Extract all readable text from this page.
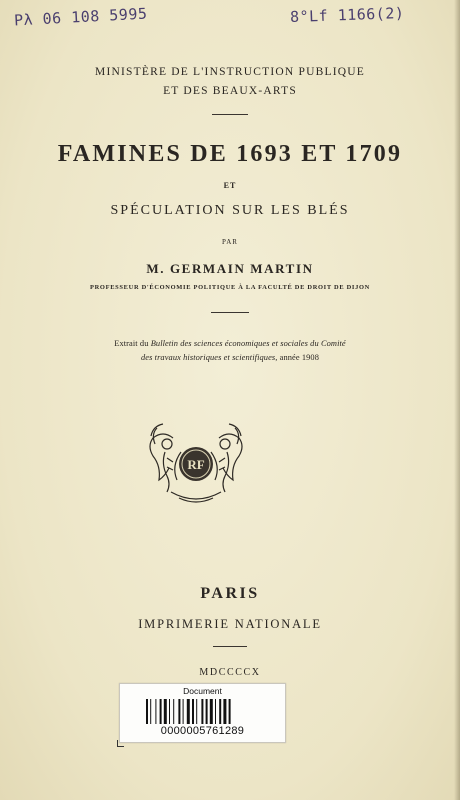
Pλ 06 108 5995	8°Lf 1166(2)
MINISTÈRE DE L'INSTRUCTION PUBLIQUE
ET DES BEAUX-ARTS
FAMINES DE 1693 ET 1709
ET
SPÉCULATION SUR LES BLÉS
PAR
M. GERMAIN MARTIN
PROFESSEUR D'ÉCONOMIE POLITIQUE À LA FACULTÉ DE DROIT DE DIJON
Extrait du Bulletin des sciences économiques et sociales du Comité
des travaux historiques et scientifiques, année 1908
RF
PARIS
IMPRIMERIE NATIONALE
MDCCCCX
Document
0000005761289
